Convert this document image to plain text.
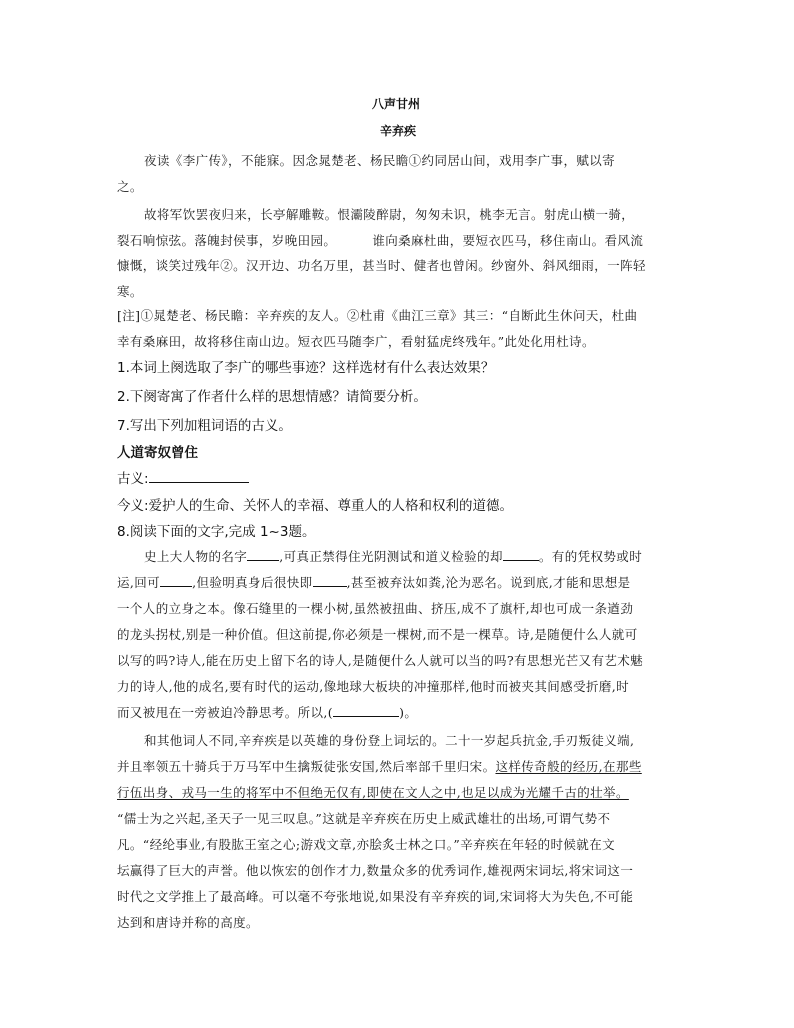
八声甘州
辛弃疾
夜读《李广传》，不能寐。因念晁楚老、杨民瞻①约同居山间，戏用李广事，赋以寄
之。
故将军饮罢夜归来，长亭解雕鞍。恨灞陵醉尉，匆匆未识，桃李无言。射虎山横一骑，
裂石响惊弦。落魄封侯事，岁晚田园。	谁向桑麻杜曲，要短衣匹马，移住南山。看风流
慷慨，谈笑过残年②。汉开边、功名万里，甚当时、健者也曾闲。纱窗外、斜风细雨，一阵轻
寒。
[注]①晁楚老、杨民瞻：辛弃疾的友人。②杜甫《曲江三章》其三：“自断此生休问天，杜曲
幸有桑麻田，故将移住南山边。短衣匹马随李广，看射猛虎终残年。”此处化用杜诗。
1.本词上阕选取了李广的哪些事迹？这样选材有什么表达效果？
2.下阕寄寓了作者什么样的思想情感？请简要分析。
7.写出下列加粗词语的古义。
人道寄奴曾住
古义:
今义:爱护人的生命、关怀人的幸福、尊重人的人格和权利的道德。
8.阅读下面的文字,完成 1~3题。
史上大人物的名字	,可真正禁得住光阴测试和道义检验的却	。有的凭权势或时
运,回可	,但验明真身后很快即	,甚至被弃汰如粪,沦为恶名。说到底,才能和思想是
一个人的立身之本。像石缝里的一棵小树,虽然被扭曲、挤压,成不了旗杆,却也可成一条遒劲
的龙头拐杖,别是一种价值。但这前提,你必须是一棵树,而不是一棵草。诗,是随便什么人就可
以写的吗?诗人,能在历史上留下名的诗人,是随便什么人就可以当的吗?有思想光芒又有艺术魅
力的诗人,他的成名,要有时代的运动,像地球大板块的冲撞那样,他时而被夹其间感受折磨,时
而又被甩在一旁被迫冷静思考。所以,(	)。
和其他词人不同,辛弃疾是以英雄的身份登上词坛的。二十一岁起兵抗金,手刃叛徒义端,
并且率领五十骑兵于万马军中生擒叛徒张安国,然后率部千里归宋。这样传奇般的经历,在那些
行伍出身、戎马一生的将军中不但绝无仅有,即使在文人之中,也足以成为光耀千古的壮举。
“儒士为之兴起,圣天子一见三叹息。”这就是辛弃疾在历史上威武雄壮的出场,可谓气势不
凡。“经纶事业,有股肱王室之心;游戏文章,亦脍炙士林之口。”辛弃疾在年轻的时候就在文
坛赢得了巨大的声誉。他以恢宏的创作才力,数量众多的优秀词作,雄视两宋词坛,将宋词这一
时代之文学推上了最高峰。可以毫不夸张地说,如果没有辛弃疾的词,宋词将大为失色,不可能
达到和唐诗并称的高度。
